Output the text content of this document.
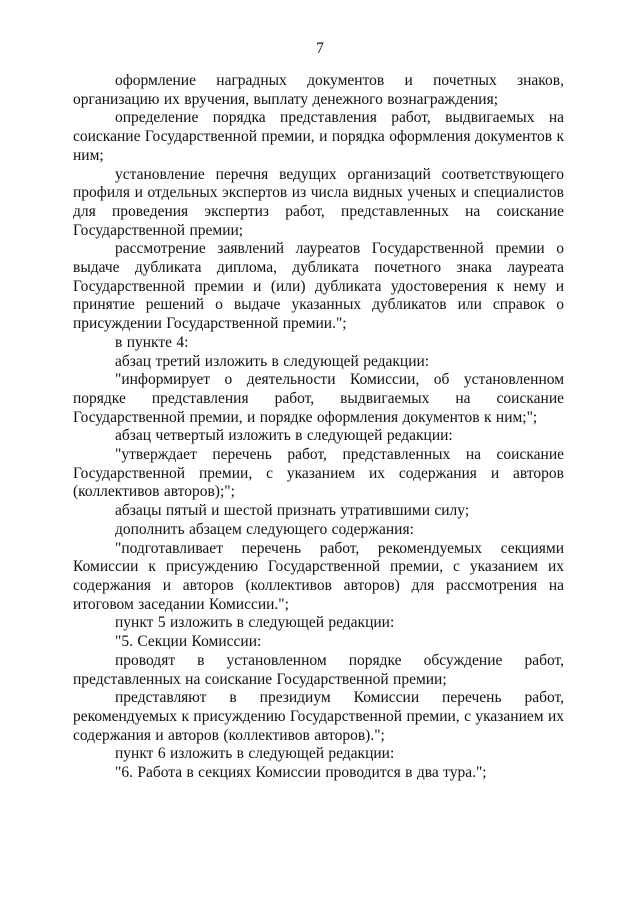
7

оформление наградных документов и почетных знаков, организацию их вручения, выплату денежного вознаграждения;

определение порядка представления работ, выдвигаемых на соискание Государственной премии, и порядка оформления документов к ним;

установление перечня ведущих организаций соответствующего профиля и отдельных экспертов из числа видных ученых и специалистов для проведения экспертиз работ, представленных на соискание Государственной премии;

рассмотрение заявлений лауреатов Государственной премии о выдаче дубликата диплома, дубликата почетного знака лауреата Государственной премии и (или) дубликата удостоверения к нему и принятие решений о выдаче указанных дубликатов или справок о присуждении Государственной премии.";

в пункте 4:

абзац третий изложить в следующей редакции:

"информирует о деятельности Комиссии, об установленном порядке представления работ, выдвигаемых на соискание Государственной премии, и порядке оформления документов к ним;";

абзац четвертый изложить в следующей редакции:

"утверждает перечень работ, представленных на соискание Государственной премии, с указанием их содержания и авторов (коллективов авторов);";

абзацы пятый и шестой признать утратившими силу;

дополнить абзацем следующего содержания:

"подготавливает перечень работ, рекомендуемых секциями Комиссии к присуждению Государственной премии, с указанием их содержания и авторов (коллективов авторов) для рассмотрения на итоговом заседании Комиссии.";

пункт 5 изложить в следующей редакции:

"5. Секции Комиссии:

проводят в установленном порядке обсуждение работ, представленных на соискание Государственной премии;

представляют в президиум Комиссии перечень работ, рекомендуемых к присуждению Государственной премии, с указанием их содержания и авторов (коллективов авторов).";

пункт 6 изложить в следующей редакции:

"6. Работа в секциях Комиссии проводится в два тура.";
